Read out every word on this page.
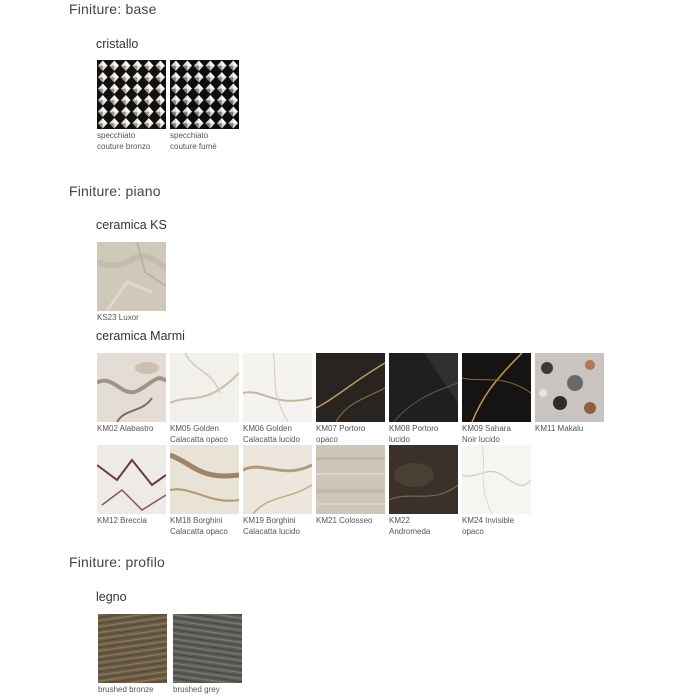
Finiture: base
cristallo
specchiato
couture bronzo
specchiato
couture fumè
Finiture: piano
ceramica KS
KS23 Luxor
ceramica Marmi
KM02 Alabastro	KM05 Golden
Calacatta opaco
KM06 Golden
Calacatta lucido
KM07 Portoro
opaco
KM08 Portoro
lucido
KM09 Sahara
Noir lucido
KM11 Makalu

KM12 Breccia	KM18 Borghini
Calacatta opaco
KM19 Borghini
Calacatta lucido
KM21 Colosseo	KM22
Andromeda
KM24 Invisible
opaco
Finiture: profilo
legno
brushed bronze	brushed grey
